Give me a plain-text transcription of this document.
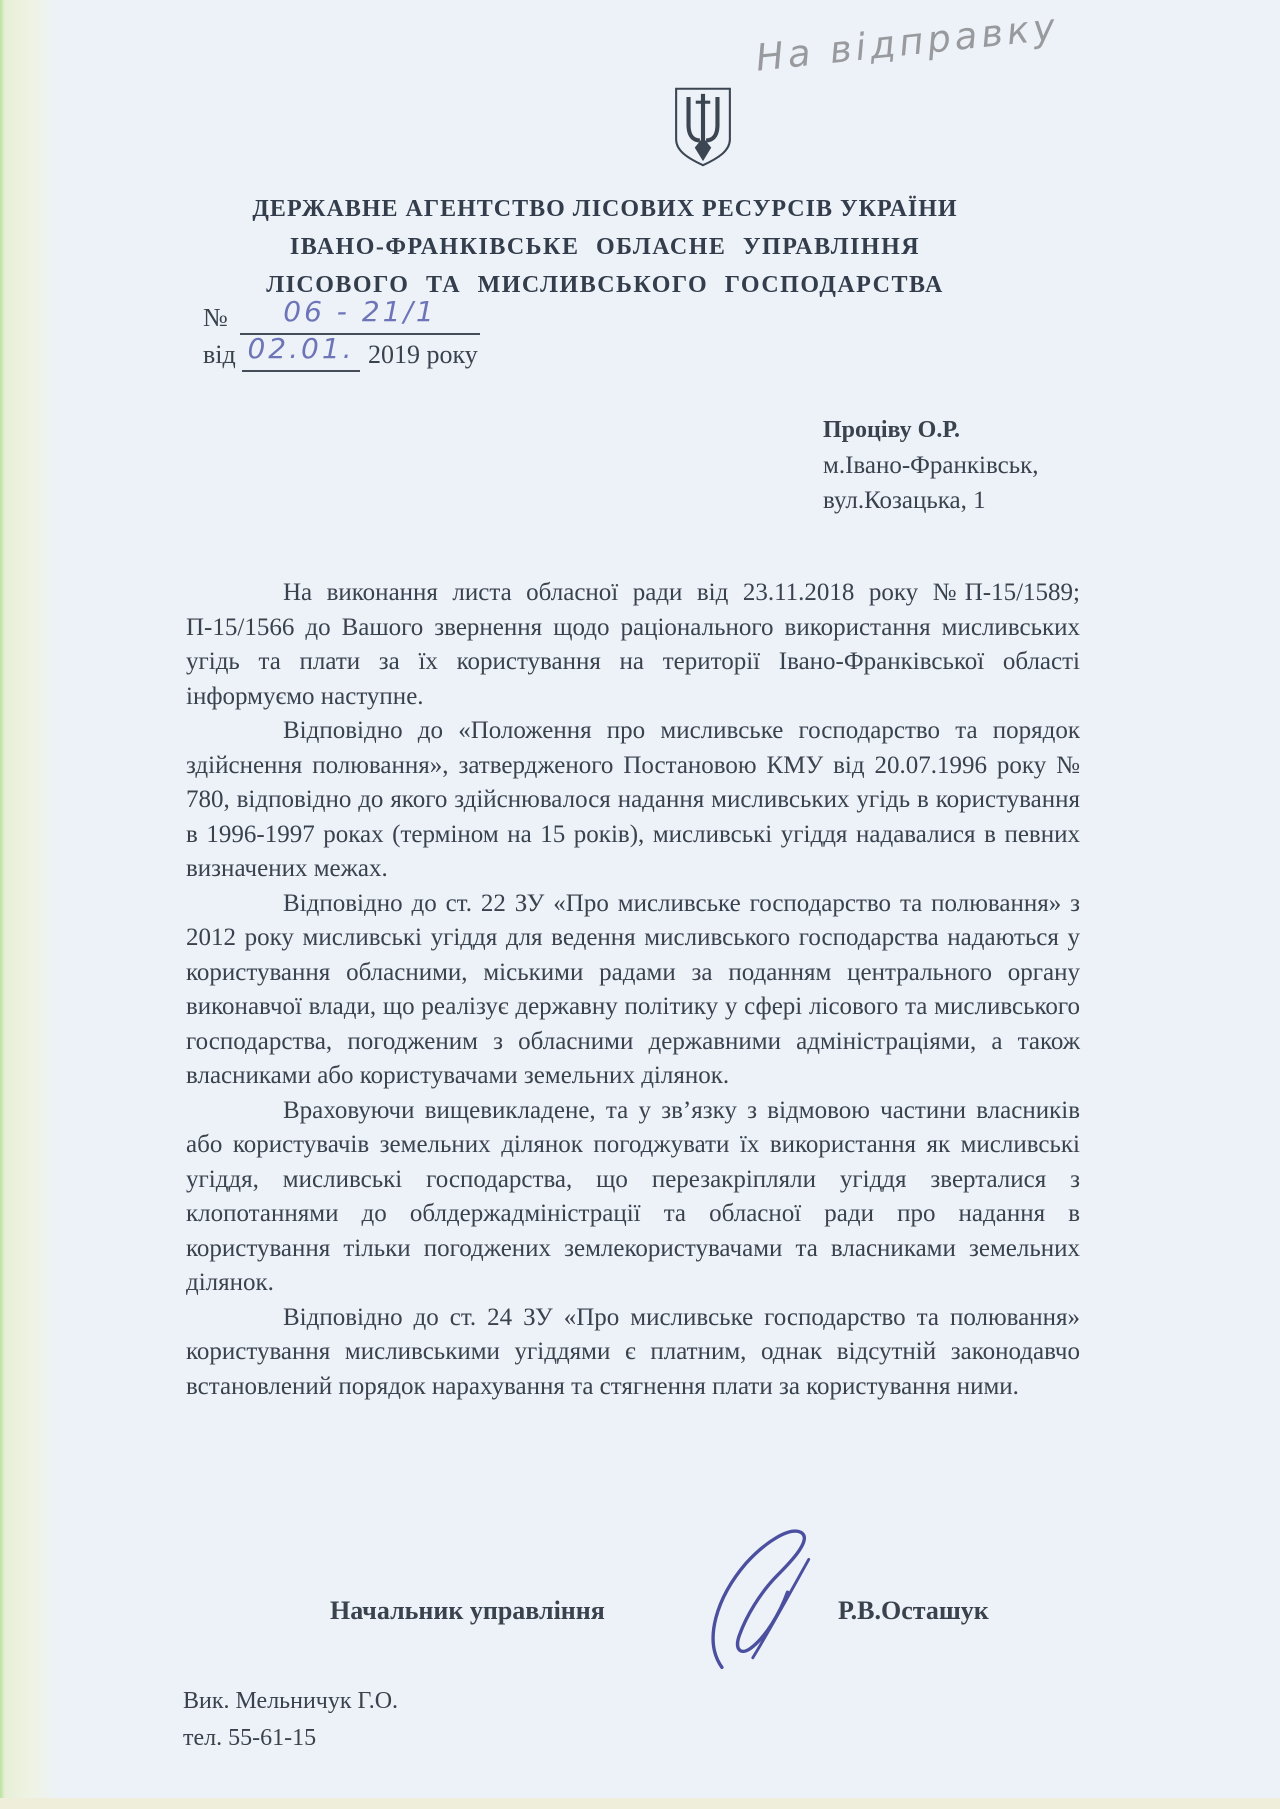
На відправку
ДЕРЖАВНЕ АГЕНТСТВО ЛІСОВИХ РЕСУРСІВ УКРАЇНИ
ІВАНО-ФРАНКІВСЬКЕ ОБЛАСНЕ УПРАВЛІННЯ
ЛІСОВОГО ТА МИСЛИВСЬКОГО ГОСПОДАРСТВА
№	06 - 21/1
від 02.01. 2019 року
Проціву О.Р.
м.Івано-Франківськ,
вул.Козацька, 1

На виконання листа обласної ради від 23.11.2018 року №П-15/1589; П-15/1566 до Вашого звернення щодо раціонального використання мисливських угідь та плати за їх користування на території Івано-Франківської області інформуємо наступне.

Відповідно до «Положення про мисливське господарство та порядок здійснення полювання», затвердженого Постановою КМУ від 20.07.1996 року № 780, відповідно до якого здійснювалося надання мисливських угідь в користування в 1996-1997 роках (терміном на 15 років), мисливські угіддя надавалися в певних визначених межах.

Відповідно до ст. 22 ЗУ «Про мисливське господарство та полювання» з 2012 року мисливські угіддя для ведення мисливського господарства надаються у користування обласними, міськими радами за поданням центрального органу виконавчої влади, що реалізує державну політику у сфері лісового та мисливського господарства, погодженим з обласними державними адміністраціями, а також власниками або користувачами земельних ділянок.

Враховуючи вищевикладене, та у зв’язку з відмовою частини власників або користувачів земельних ділянок погоджувати їх використання як мисливські угіддя, мисливські господарства, що перезакріпляли угіддя зверталися з клопотаннями до облдержадміністрації та обласної ради про надання в користування тільки погоджених землекористувачами та власниками земельних ділянок.

Відповідно до ст. 24 ЗУ «Про мисливське господарство та полювання» користування мисливськими угіддями є платним, однак відсутній законодавчо встановлений порядок нарахування та стягнення плати за користування ними.

Начальник управління	Р.В.Осташук
Вик. Мельничук Г.О.
тел. 55-61-15
